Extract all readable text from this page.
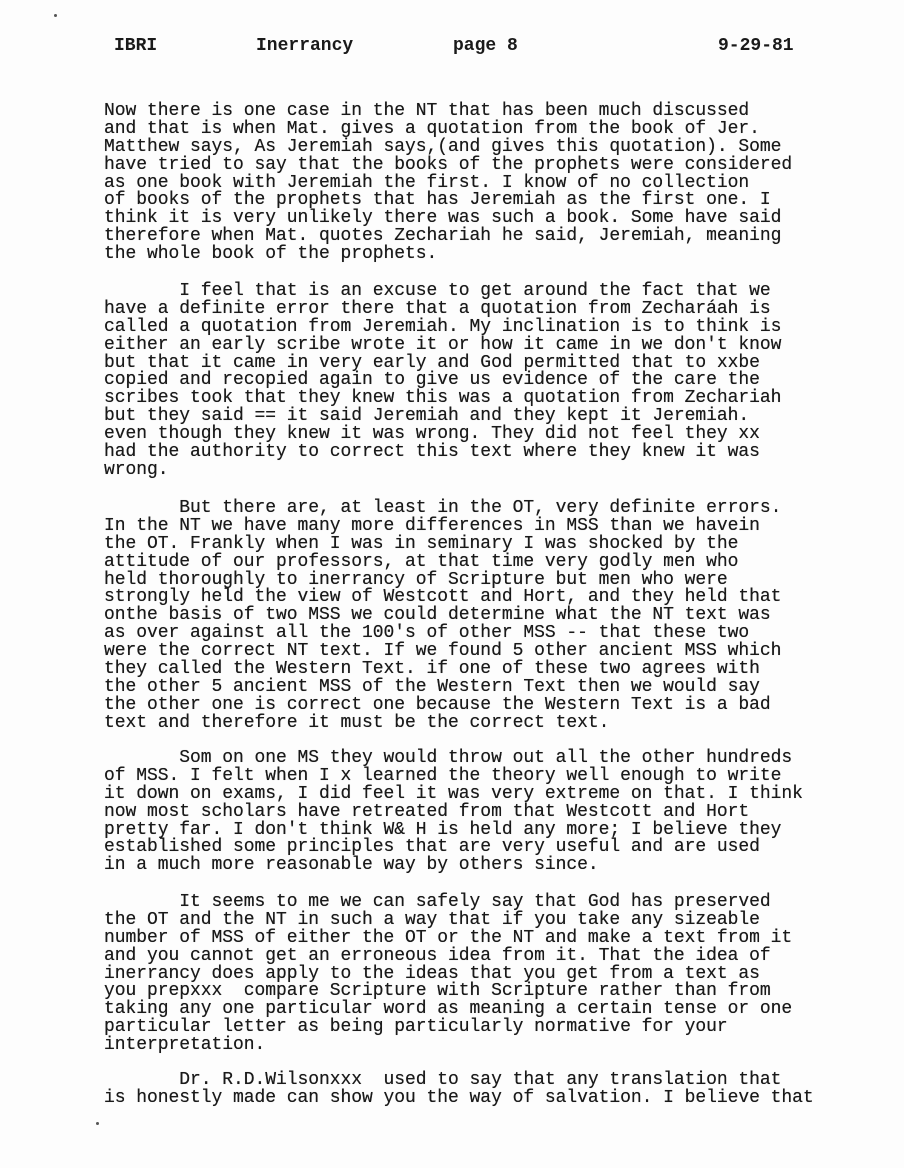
IBRI	Inerrancy	page 8	9-29-81
Now there is one case in the NT that has been much discussed
and that is when Mat. gives a quotation from the book of Jer.
Matthew says, As Jeremiah says,(and gives this quotation). Some
have tried to say that the books of the prophets were considered
as one book with Jeremiah the first. I know of no collection
of books of the prophets that has Jeremiah as the first one. I
think it is very unlikely there was such a book. Some have said
therefore when Mat. quotes Zechariah he said, Jeremiah, meaning
the whole book of the prophets.
I feel that is an excuse to get around the fact that we
have a definite error there that a quotation from Zecharáah is
called a quotation from Jeremiah. My inclination is to think is
either an early scribe wrote it or how it came in we don't know
but that it came in very early and God permitted that to xxbe
copied and recopied again to give us evidence of the care the
scribes took that they knew this was a quotation from Zechariah
but they said == it said Jeremiah and they kept it Jeremiah.
even though they knew it was wrong. They did not feel they xx
had the authority to correct this text where they knew it was
wrong.
But there are, at least in the OT, very definite errors.
In the NT we have many more differences in MSS than we havein
the OT. Frankly when I was in seminary I was shocked by the
attitude of our professors, at that time very godly men who
held thoroughly to inerrancy of Scripture but men who were
strongly held the view of Westcott and Hort, and they held that
onthe basis of two MSS we could determine what the NT text was
as over against all the 100's of other MSS -- that these two
were the correct NT text. If we found 5 other ancient MSS which
they called the Western Text. if one of these two agrees with
the other 5 ancient MSS of the Western Text then we would say
the other one is correct one because the Western Text is a bad
text and therefore it must be the correct text.
Som on one MS they would throw out all the other hundreds
of MSS. I felt when I x learned the theory well enough to write
it down on exams, I did feel it was very extreme on that. I think
now most scholars have retreated from that Westcott and Hort
pretty far. I don't think W& H is held any more; I believe they
established some principles that are very useful and are used
in a much more reasonable way by others since.
It seems to me we can safely say that God has preserved
the OT and the NT in such a way that if you take any sizeable
number of MSS of either the OT or the NT and make a text from it
and you cannot get an erroneous idea from it. That the idea of
inerrancy does apply to the ideas that you get from a text as
you prepxxx  compare Scripture with Scripture rather than from
taking any one particular word as meaning a certain tense or one
particular letter as being particularly normative for your
interpretation.
Dr. R.D.Wilsonxxx  used to say that any translation that
is honestly made can show you the way of salvation. I believe that
